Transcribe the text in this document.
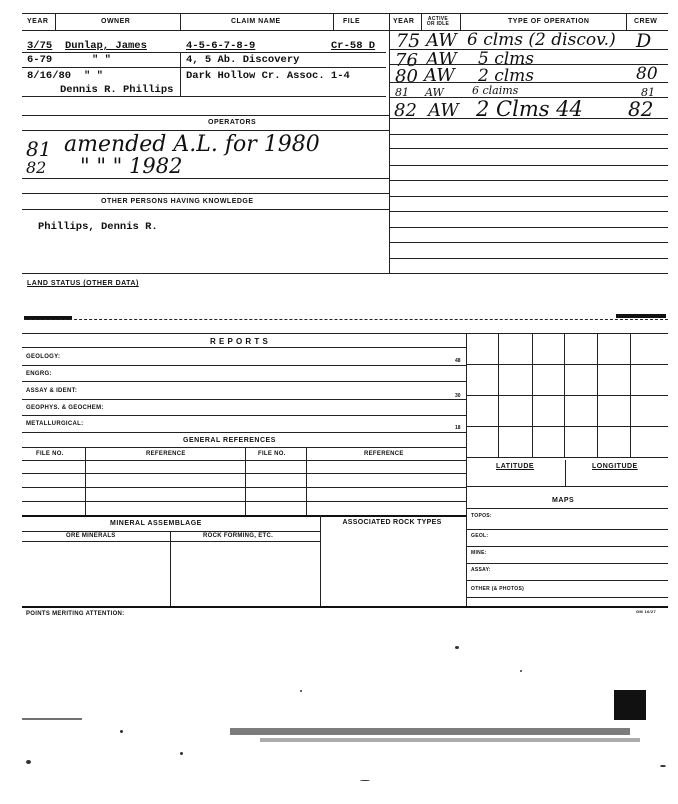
YEAR	OWNER	CLAIM NAME	FILE	YEAR	ACTIVE OR IDLE	TYPE OF OPERATION	CREW
3/75 Dunlap, James	4-5-6-7-8-9	Cr-58 D
6-79	" "	4, 5 Ab. Discovery
8/16/80 " "	Dark Hollow Cr. Assoc. 1-4
Dennis R. Phillips
75 AW 6 clms (2 discov.) D
76 AW 5 clms
80 AW 2 clms	80
81 AW	6 claims	81
82 AW 2 Clms 44 82
OPERATORS
81 amended A.L. for 1980
82 " " " 1982
OTHER PERSONS HAVING KNOWLEDGE
Phillips, Dennis R.
LAND STATUS (OTHER DATA)
R E P O R T S
GEOLOGY:
48
ENGRG:
ASSAY & IDENT:
30
GEOPHYS. & GEOCHEM:
METALLURGICAL:
18
LATITUDE	LONGITUDE
GENERAL REFERENCES
FILE NO.	REFERENCE	FILE NO.	REFERENCE
MAPS
TOPOS:
GEOL:
MINE:
ASSAY:
OTHER (& PHOTOS)
MINERAL ASSEMBLAGE
ORE MINERALS	ROCK FORMING, ETC.
ASSOCIATED ROCK TYPES
POINTS MERITING ATTENTION:	GM 16/27
